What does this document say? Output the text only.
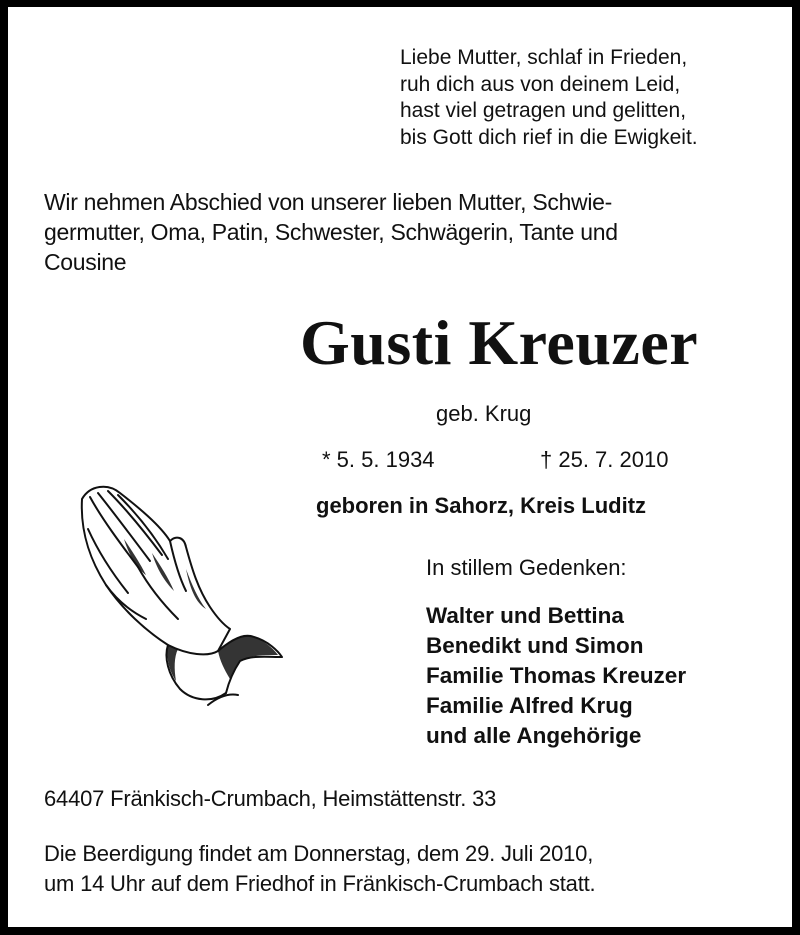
Liebe Mutter, schlaf in Frieden,
ruh dich aus von deinem Leid,
hast viel getragen und gelitten,
bis Gott dich rief in die Ewigkeit.
Wir nehmen Abschied von unserer lieben Mutter, Schwie-
germutter, Oma, Patin, Schwester, Schwägerin, Tante und
Cousine
Gusti Kreuzer
geb. Krug
* 5. 5. 1934	† 25. 7. 2010
geboren in Sahorz, Kreis Luditz
In stillem Gedenken:
Walter und Bettina
Benedikt und Simon
Familie Thomas Kreuzer
Familie Alfred Krug
und alle Angehörige
64407 Fränkisch-Crumbach, Heimstättenstr. 33
Die Beerdigung findet am Donnerstag, dem 29. Juli 2010,
um 14 Uhr auf dem Friedhof in Fränkisch-Crumbach statt.
